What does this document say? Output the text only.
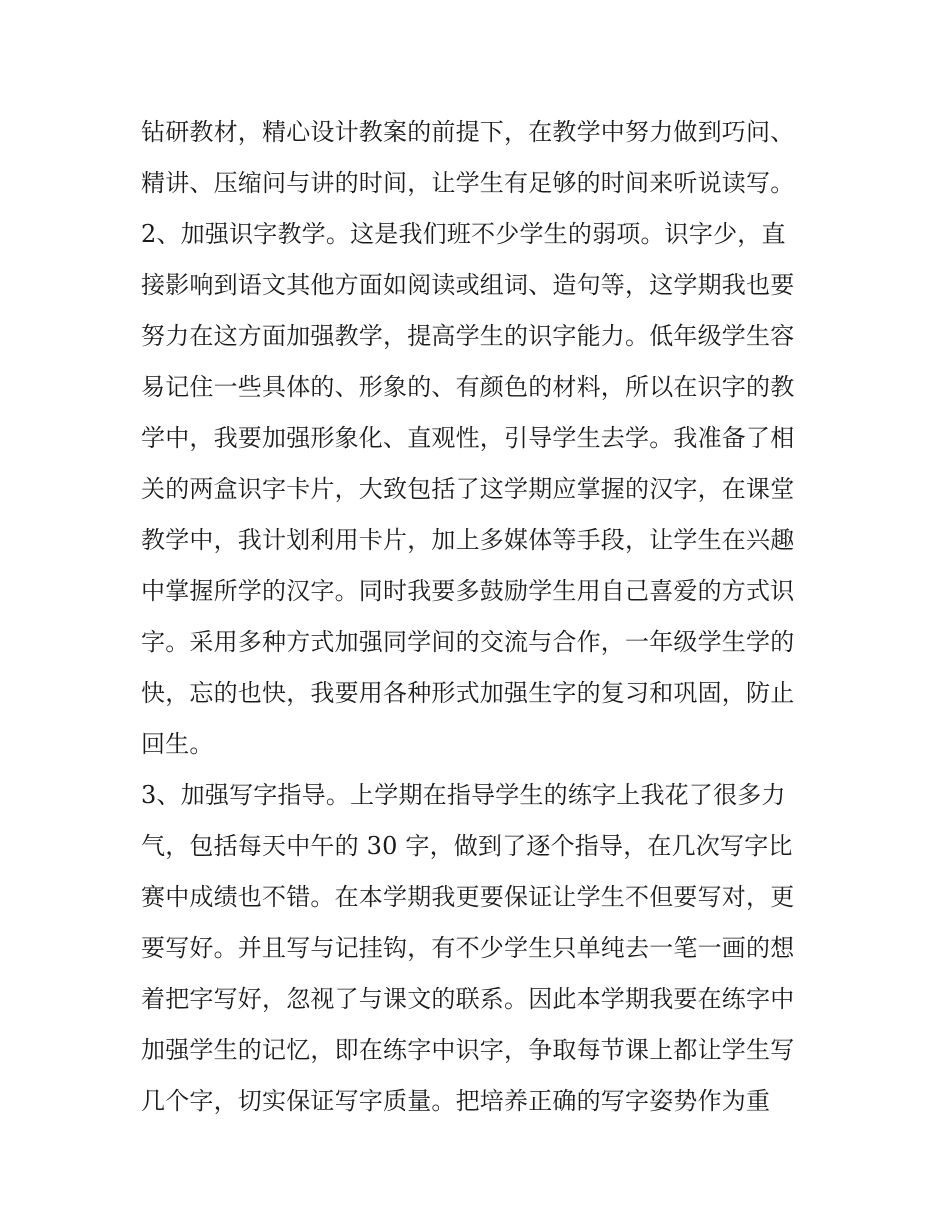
钻研教材，精心设计教案的前提下，在教学中努力做到巧问、
精讲、压缩问与讲的时间，让学生有足够的时间来听说读写。
2、加强识字教学。这是我们班不少学生的弱项。识字少，直
接影响到语文其他方面如阅读或组词、造句等，这学期我也要
努力在这方面加强教学，提高学生的识字能力。低年级学生容
易记住一些具体的、形象的、有颜色的材料，所以在识字的教
学中，我要加强形象化、直观性，引导学生去学。我准备了相
关的两盒识字卡片，大致包括了这学期应掌握的汉字，在课堂
教学中，我计划利用卡片，加上多媒体等手段，让学生在兴趣
中掌握所学的汉字。同时我要多鼓励学生用自己喜爱的方式识
字。采用多种方式加强同学间的交流与合作，一年级学生学的
快，忘的也快，我要用各种形式加强生字的复习和巩固，防止
回生。
3、加强写字指导。上学期在指导学生的练字上我花了很多力
气，包括每天中午的 30 字，做到了逐个指导，在几次写字比
赛中成绩也不错。在本学期我更要保证让学生不但要写对，更
要写好。并且写与记挂钩，有不少学生只单纯去一笔一画的想
着把字写好，忽视了与课文的联系。因此本学期我要在练字中
加强学生的记忆，即在练字中识字，争取每节课上都让学生写
几个字，切实保证写字质量。把培养正确的写字姿势作为重
